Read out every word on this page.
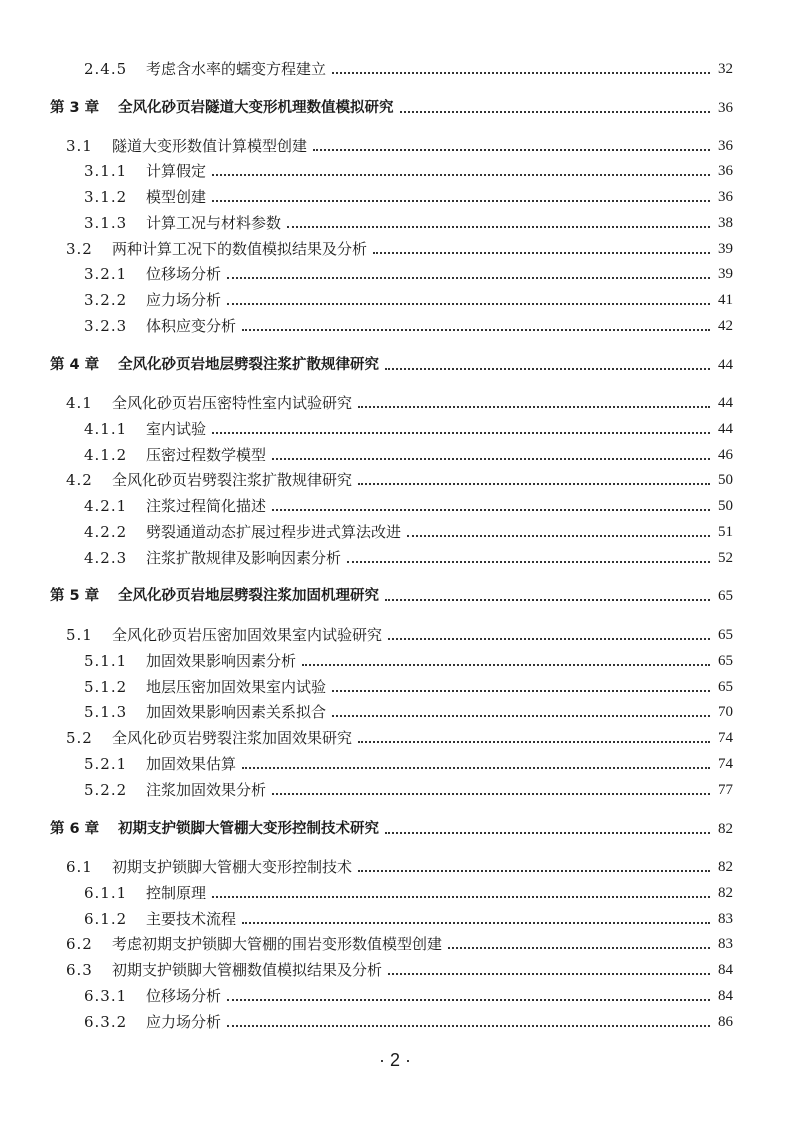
2.4.5 考虑含水率的蠕变方程建立	32
第 3 章 全风化砂页岩隧道大变形机理数值模拟研究	36
3.1 隧道大变形数值计算模型创建	36
3.1.1 计算假定	36
3.1.2 模型创建	36
3.1.3 计算工况与材料参数	38
3.2 两种计算工况下的数值模拟结果及分析	39
3.2.1 位移场分析	39
3.2.2 应力场分析	41
3.2.3 体积应变分析	42
第 4 章 全风化砂页岩地层劈裂注浆扩散规律研究	44
4.1 全风化砂页岩压密特性室内试验研究	44
4.1.1 室内试验	44
4.1.2 压密过程数学模型	46
4.2 全风化砂页岩劈裂注浆扩散规律研究	50
4.2.1 注浆过程简化描述	50
4.2.2 劈裂通道动态扩展过程步进式算法改进	51
4.2.3 注浆扩散规律及影响因素分析	52
第 5 章 全风化砂页岩地层劈裂注浆加固机理研究	65
5.1 全风化砂页岩压密加固效果室内试验研究	65
5.1.1 加固效果影响因素分析	65
5.1.2 地层压密加固效果室内试验	65
5.1.3 加固效果影响因素关系拟合	70
5.2 全风化砂页岩劈裂注浆加固效果研究	74
5.2.1 加固效果估算	74
5.2.2 注浆加固效果分析	77
第 6 章 初期支护锁脚大管棚大变形控制技术研究	82
6.1 初期支护锁脚大管棚大变形控制技术	82
6.1.1 控制原理	82
6.1.2 主要技术流程	83
6.2 考虑初期支护锁脚大管棚的围岩变形数值模型创建	83
6.3 初期支护锁脚大管棚数值模拟结果及分析	84
6.3.1 位移场分析	84
6.3.2 应力场分析	86
· 2 ·
